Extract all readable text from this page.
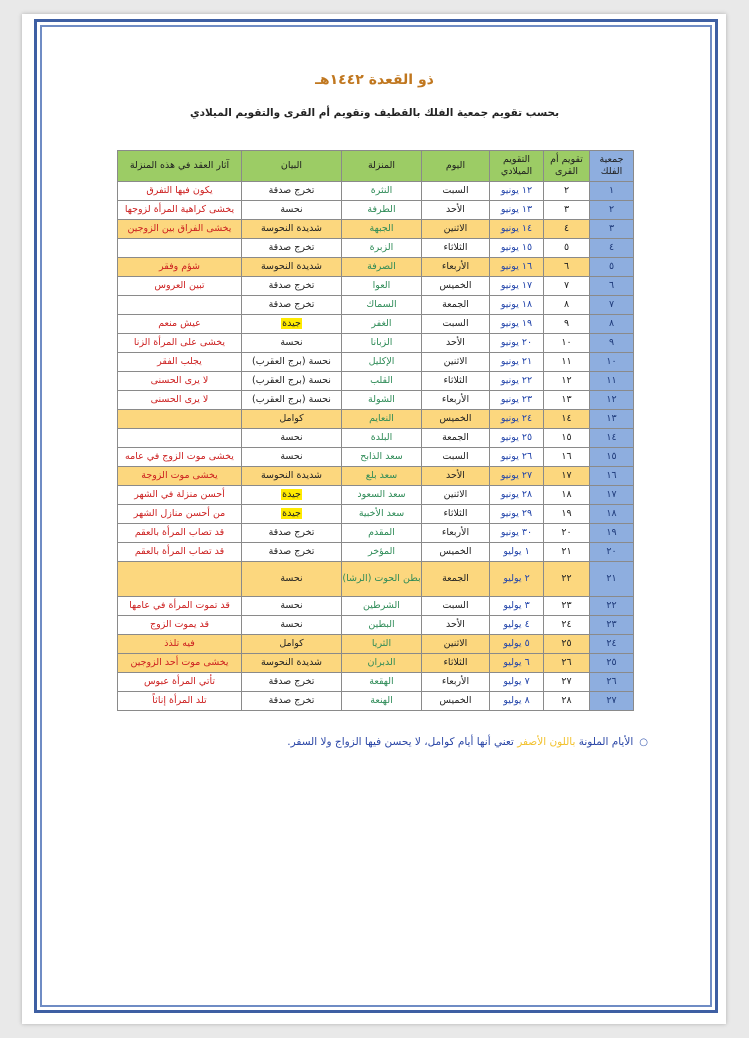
ذو القعدة ١٤٤٢هـ
بحسب تقويم جمعية الفلك بالقطيف وتقويم أم القرى والتقويم الميلادي
آثار العقد في هذه المنزلة	البيان	المنزلة	اليوم	التقويم الميلادي	تقويم أم القرى	جمعية الفلك
يكون فيها التفرق	تخرج صدقة	النثرة	السبت	١٢ يونيو	٢	١
يخشى كراهية المرأة لزوجها	نحسة	الطرفة	الأحد	١٣ يونيو	٣	٢
يخشى الفراق بين الزوجين	شديدة النحوسة	الجبهة	الاثنين	١٤ يونيو	٤	٣
	تخرج صدقة	الزبرة	الثلاثاء	١٥ يونيو	٥	٤
شؤم وفقر	شديدة النحوسة	الصرفة	الأربعاء	١٦ يونيو	٦	٥
تبين العروس	تخرج صدقة	العوا	الخميس	١٧ يونيو	٧	٦
	تخرج صدقة	السماك	الجمعة	١٨ يونيو	٨	٧
عيش منعم	جيدة	الغفر	السبت	١٩ يونيو	٩	٨
يخشى على المرأة الزنا	نحسة	الزبانا	الأحد	٢٠ يونيو	١٠	٩
يجلب الفقر	نحسة (برج العقرب)	الإكليل	الاثنين	٢١ يونيو	١١	١٠
لا يرى الحسنى	نحسة (برج العقرب)	القلب	الثلاثاء	٢٢ يونيو	١٢	١١
لا يرى الحسنى	نحسة (برج العقرب)	الشولة	الأربعاء	٢٣ يونيو	١٣	١٢
	كوامل	النعايم	الخميس	٢٤ يونيو	١٤	١٣
	نحسة	البلدة	الجمعة	٢٥ يونيو	١٥	١٤
يخشى موت الزوج في عامه	نحسة	سعد الذابح	السبت	٢٦ يونيو	١٦	١٥
يخشى موت الزوجة	شديدة النحوسة	سعد بلع	الأحد	٢٧ يونيو	١٧	١٦
أحسن منزلة في الشهر	جيدة	سعد السعود	الاثنين	٢٨ يونيو	١٨	١٧
من أحسن منازل الشهر	جيدة	سعد الأخبية	الثلاثاء	٢٩ يونيو	١٩	١٨
قد تصاب المرأة بالعقم	تخرج صدقة	المقدم	الأربعاء	٣٠ يونيو	٢٠	١٩
قد تصاب المرأة بالعقم	تخرج صدقة	المؤخر	الخميس	١ يوليو	٢١	٢٠
	نحسة	بطن الحوت (الرشا)	الجمعة	٢ يوليو	٢٢	٢١
قد تموت المرأة في عامها	نحسة	الشرطين	السبت	٣ يوليو	٢٣	٢٢
قد يموت الزوج	نحسة	البطين	الأحد	٤ يوليو	٢٤	٢٣
فيه تلذذ	كوامل	الثريا	الاثنين	٥ يوليو	٢٥	٢٤
يخشى موت أحد الزوجين	شديدة النحوسة	الدبران	الثلاثاء	٦ يوليو	٢٦	٢٥
تأتي المرأة عبوس	تخرج صدقة	الهقعة	الأربعاء	٧ يوليو	٢٧	٢٦
تلد المرأة إناثاً	تخرج صدقة	الهنعة	الخميس	٨ يوليو	٢٨	٢٧
○الأيام الملونة باللون الأصفر تعني أنها أيام كوامل، لا يحسن فيها الزواج ولا السفر.
